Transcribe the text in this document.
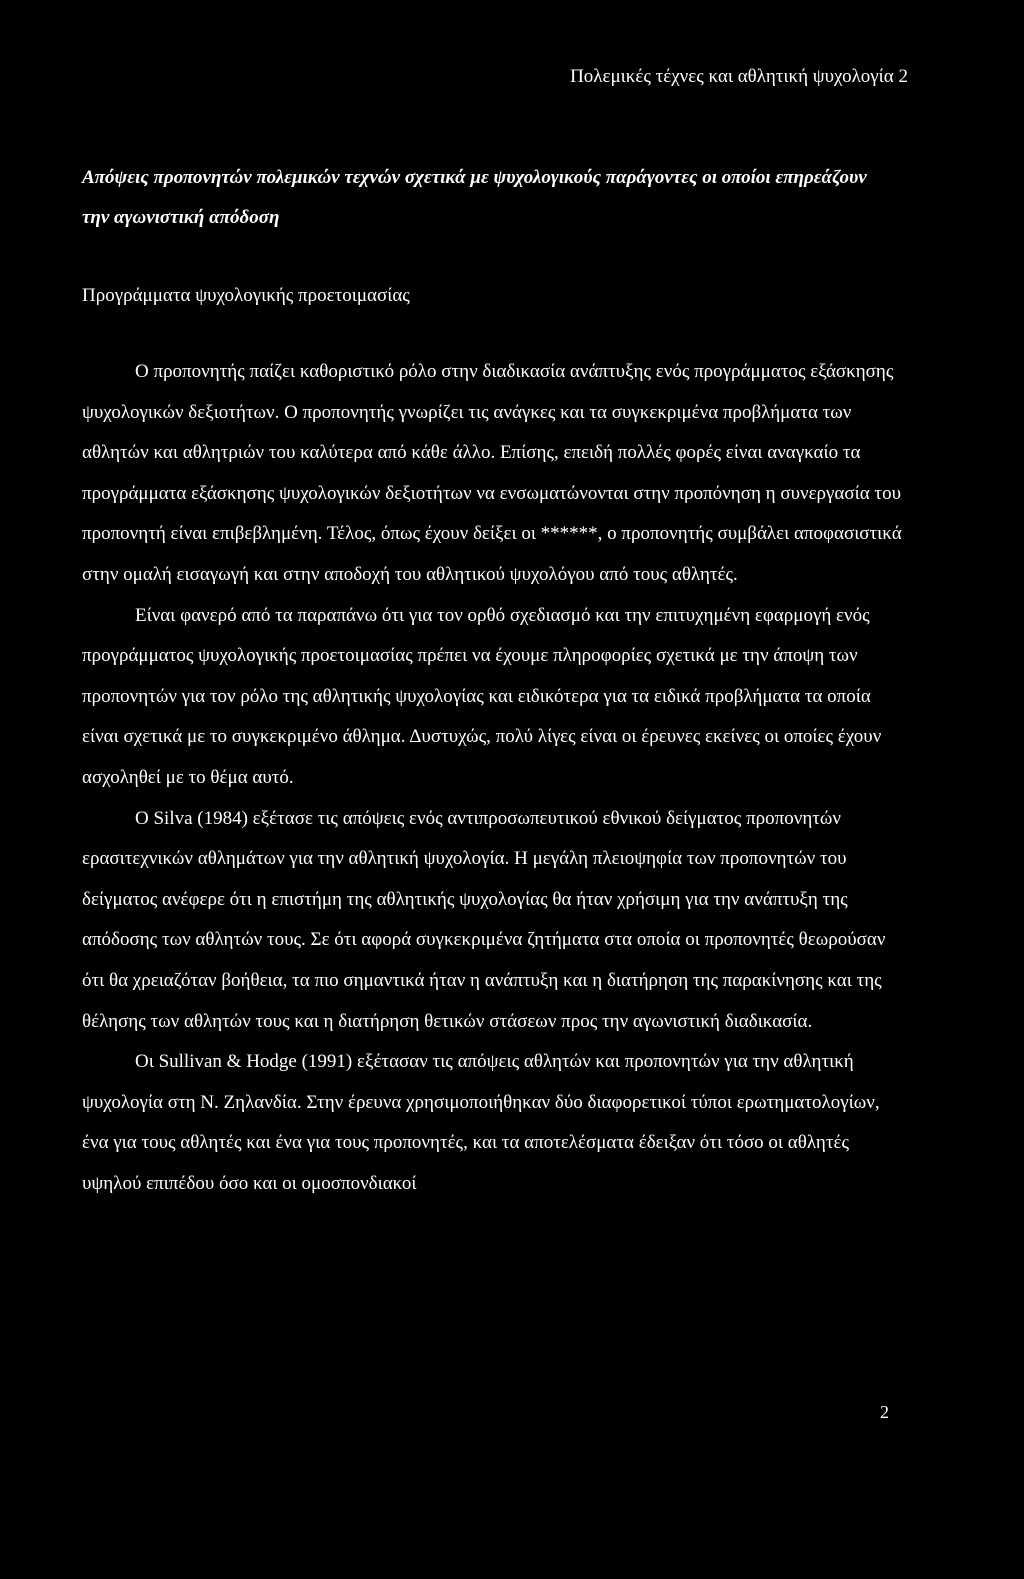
Πολεμικές τέχνες και αθλητική ψυχολογία 2
Απόψεις προπονητών πολεμικών τεχνών σχετικά με ψυχολογικούς παράγοντες οι οποίοι επηρεάζουν την αγωνιστική απόδοση
Προγράμματα ψυχολογικής προετοιμασίας

Ο προπονητής παίζει καθοριστικό ρόλο στην διαδικασία ανάπτυξης ενός προγράμματος εξάσκησης ψυχολογικών δεξιοτήτων. Ο προπονητής γνωρίζει τις ανάγκες και τα συγκεκριμένα προβλήματα των αθλητών και αθλητριών του καλύτερα από κάθε άλλο. Επίσης, επειδή πολλές φορές είναι αναγκαίο τα προγράμματα εξάσκησης ψυχολογικών δεξιοτήτων να ενσωματώνονται στην προπόνηση η συνεργασία του προπονητή είναι επιβεβλημένη. Τέλος, όπως έχουν δείξει οι ******, ο προπονητής συμβάλει αποφασιστικά στην ομαλή εισαγωγή και στην αποδοχή του αθλητικού ψυχολόγου από τους αθλητές.

Είναι φανερό από τα παραπάνω ότι για τον ορθό σχεδιασμό και την επιτυχημένη εφαρμογή ενός προγράμματος ψυχολογικής προετοιμασίας πρέπει να έχουμε πληροφορίες σχετικά με την άποψη των προπονητών για τον ρόλο της αθλητικής ψυχολογίας και ειδικότερα για τα ειδικά προβλήματα τα οποία είναι σχετικά με το συγκεκριμένο άθλημα. Δυστυχώς, πολύ λίγες είναι οι έρευνες εκείνες οι οποίες έχουν ασχοληθεί με το θέμα αυτό.

Ο Silva (1984) εξέτασε τις απόψεις ενός αντιπροσωπευτικού εθνικού δείγματος προπονητών ερασιτεχνικών αθλημάτων για την αθλητική ψυχολογία. Η μεγάλη πλειοψηφία των προπονητών του δείγματος ανέφερε ότι η επιστήμη της αθλητικής ψυχολογίας θα ήταν χρήσιμη για την ανάπτυξη της απόδοσης των αθλητών τους. Σε ότι αφορά συγκεκριμένα ζητήματα στα οποία οι προπονητές θεωρούσαν ότι θα χρειαζόταν βοήθεια, τα πιο σημαντικά ήταν η ανάπτυξη και η διατήρηση της παρακίνησης και της θέλησης των αθλητών τους και η διατήρηση θετικών στάσεων προς την αγωνιστική διαδικασία.

Οι Sullivan & Hodge (1991) εξέτασαν τις απόψεις αθλητών και προπονητών για την αθλητική ψυχολογία στη Ν. Ζηλανδία. Στην έρευνα χρησιμοποιήθηκαν δύο διαφορετικοί τύποι ερωτηματολογίων, ένα για τους αθλητές και ένα για τους προπονητές, και τα αποτελέσματα έδειξαν ότι τόσο οι αθλητές υψηλού επιπέδου όσο και οι ομοσπονδιακοί

2
